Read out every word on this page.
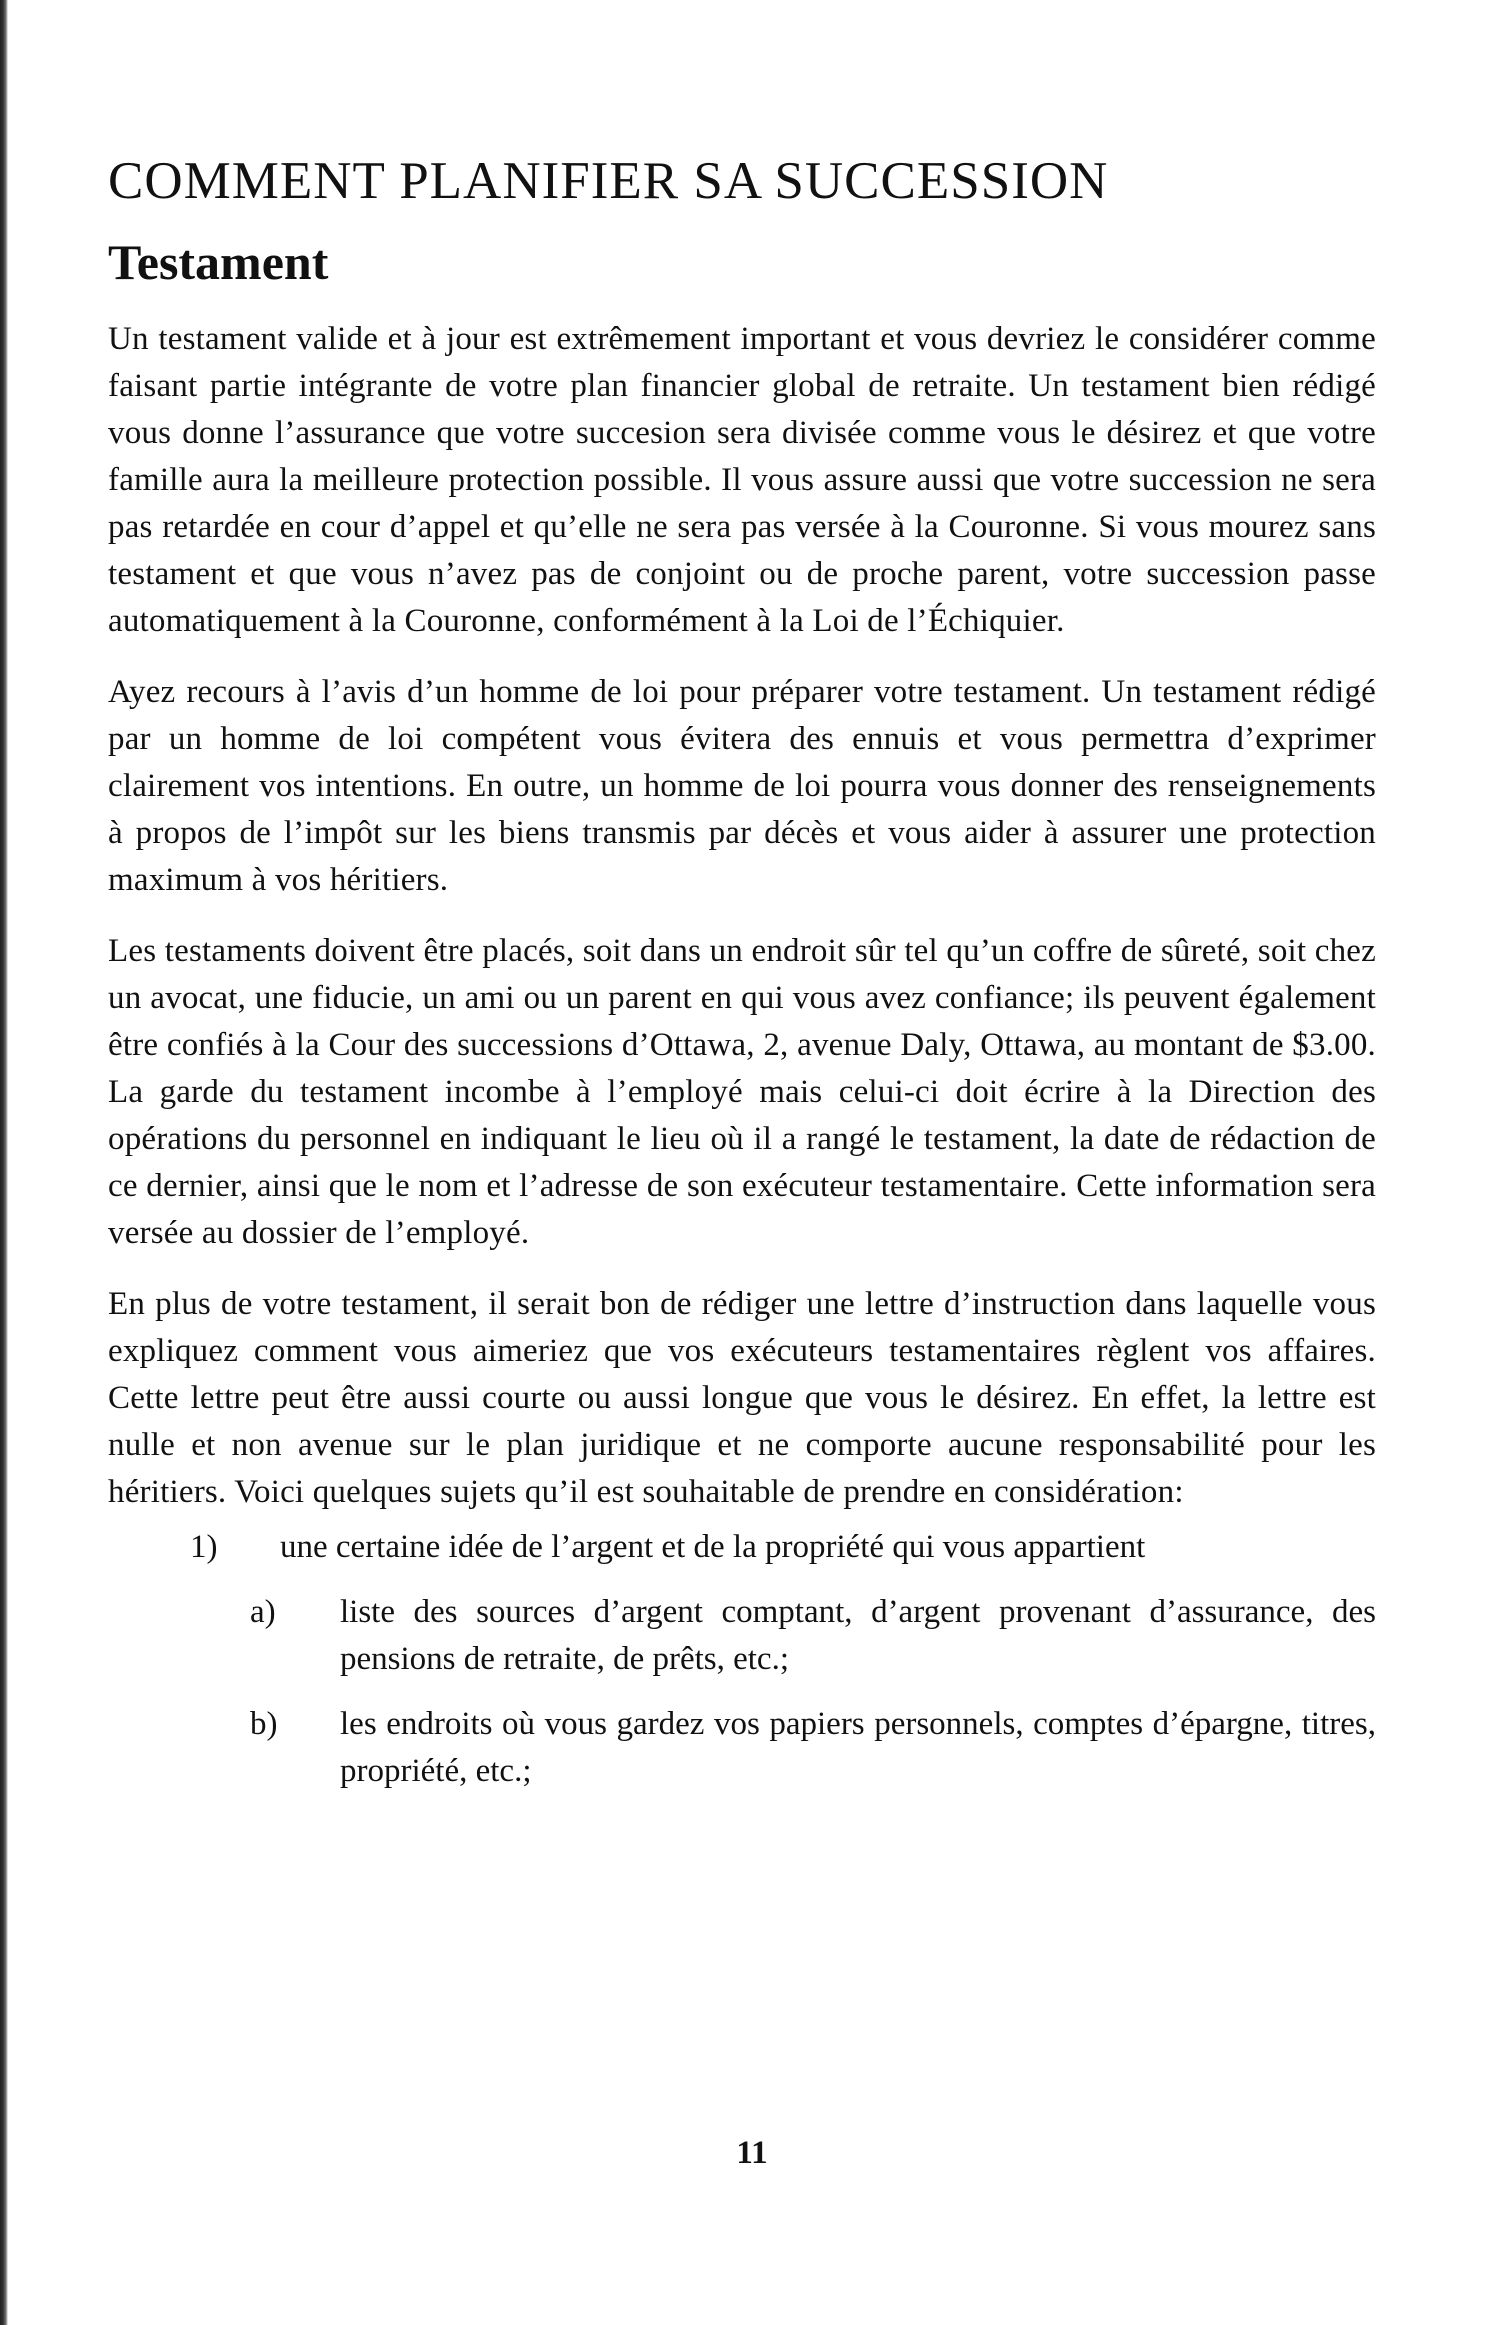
COMMENT PLANIFIER SA SUCCESSION
Testament

Un testament valide et à jour est extrêmement important et vous devriez le considérer comme faisant partie intégrante de votre plan financier global de retraite. Un testament bien rédigé vous donne l’assurance que votre succesion sera divisée comme vous le désirez et que votre famille aura la meilleure protection possible. Il vous assure aussi que votre succession ne sera pas retardée en cour d’appel et qu’elle ne sera pas versée à la Couronne. Si vous mourez sans testament et que vous n’avez pas de conjoint ou de proche parent, votre succession passe automatiquement à la Couronne, conformément à la Loi de l’Échiquier.

Ayez recours à l’avis d’un homme de loi pour préparer votre testament. Un testament rédigé par un homme de loi compétent vous évitera des ennuis et vous permettra d’exprimer clairement vos intentions. En outre, un homme de loi pourra vous donner des renseignements à propos de l’impôt sur les biens transmis par décès et vous aider à assurer une protection maximum à vos héritiers.

Les testaments doivent être placés, soit dans un endroit sûr tel qu’un coffre de sûreté, soit chez un avocat, une fiducie, un ami ou un parent en qui vous avez confiance; ils peuvent également être confiés à la Cour des successions d’Ottawa, 2, avenue Daly, Ottawa, au montant de $3.00. La garde du testament incombe à l’employé mais celui-ci doit écrire à la Direction des opérations du personnel en indiquant le lieu où il a rangé le testament, la date de rédaction de ce dernier, ainsi que le nom et l’adresse de son exécuteur testamentaire. Cette information sera versée au dossier de l’employé.

En plus de votre testament, il serait bon de rédiger une lettre d’instruction dans laquelle vous expliquez comment vous aimeriez que vos exécuteurs testamentaires règlent vos affaires. Cette lettre peut être aussi courte ou aussi longue que vous le désirez. En effet, la lettre est nulle et non avenue sur le plan juridique et ne comporte aucune responsabilité pour les héritiers. Voici quelques sujets qu’il est souhaitable de prendre en considération:

1)	une certaine idée de l’argent et de la propriété qui vous appartient
a)	liste des sources d’argent comptant, d’argent provenant d’assurance, des pensions de retraite, de prêts, etc.;
b)	les endroits où vous gardez vos papiers personnels, comptes d’épargne, titres, propriété, etc.;
11
